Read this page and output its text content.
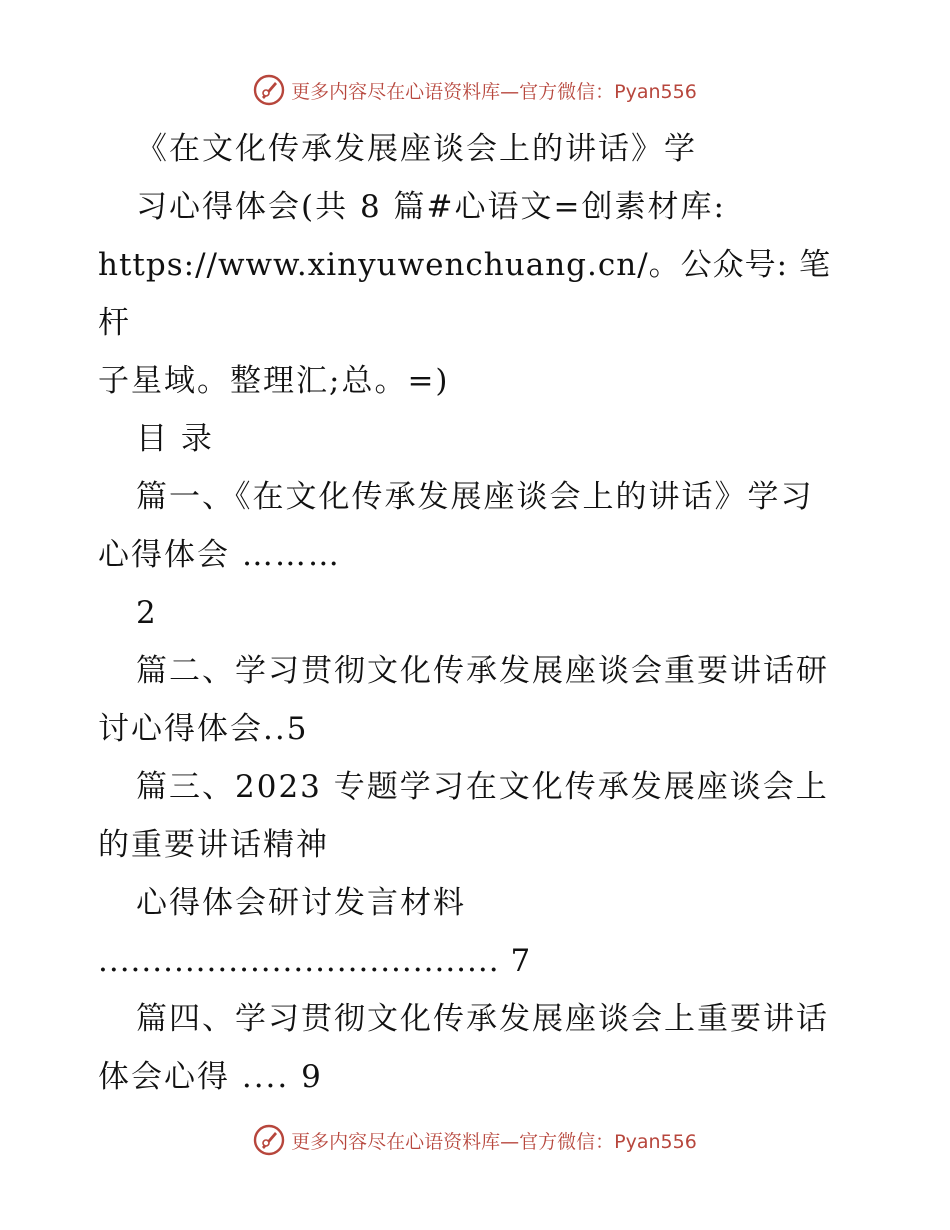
更多内容尽在心语资料库—官方微信：Pyan556

《在文化传承发展座谈会上的讲话》学

习心得体会(共 8 篇#心语文=创素材库:

https://www.xinyuwenchuang.cn/。公众号: 笔杆

子星域。整理汇;总。=)

目 录

篇一、《在文化传承发展座谈会上的讲话》学习

心得体会 ………

2

篇二、学习贯彻文化传承发展座谈会重要讲话研

讨心得体会..5

篇三、2023 专题学习在文化传承发展座谈会上

的重要讲话精神

心得体会研讨发言材料

..................................... 7

篇四、学习贯彻文化传承发展座谈会上重要讲话

体会心得 .... 9

更多内容尽在心语资料库—官方微信：Pyan556
